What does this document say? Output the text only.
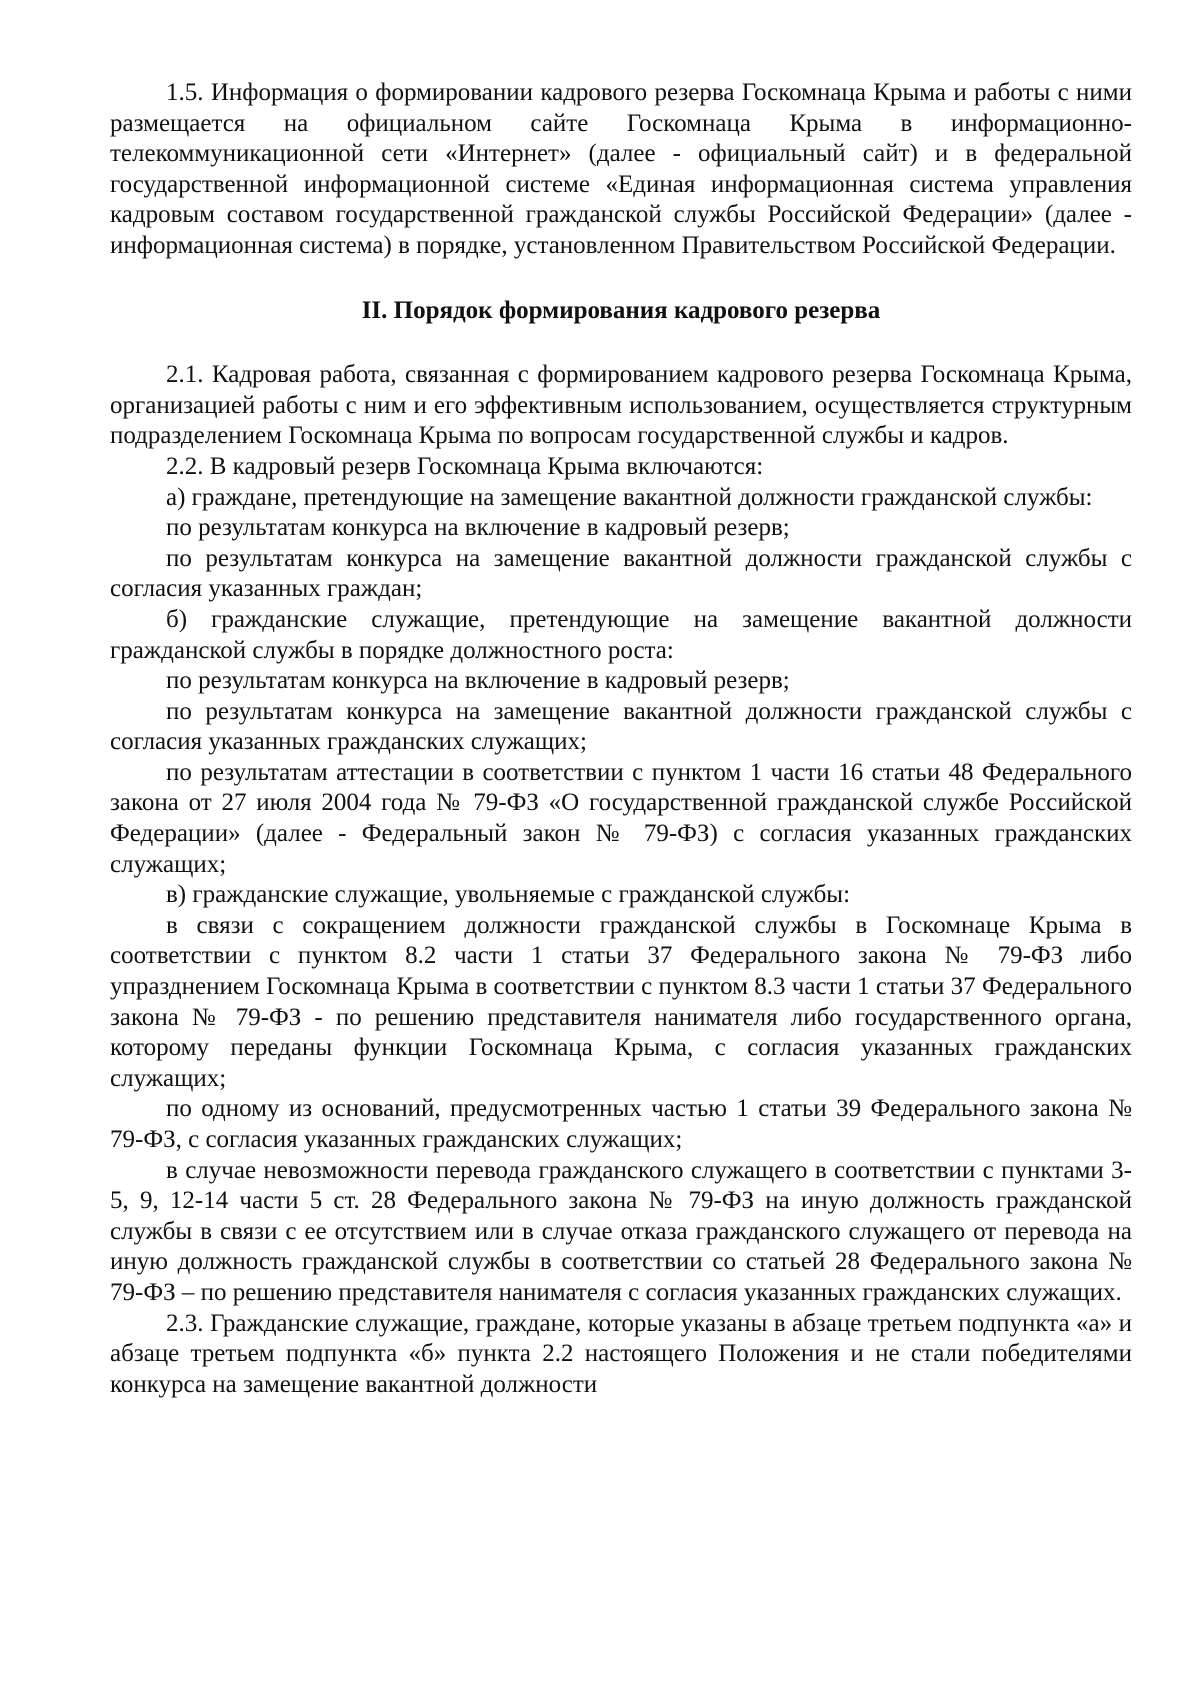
1.5. Информация о формировании кадрового резерва Госкомнаца Крыма и работы с ними размещается на официальном сайте Госкомнаца Крыма в информационно-телекоммуникационной сети «Интернет» (далее - официальный сайт) и в федеральной государственной информационной системе «Единая информационная система управления кадровым составом государственной гражданской службы Российской Федерации» (далее - информационная система) в порядке, установленном Правительством Российской Федерации.

II. Порядок формирования кадрового резерва

2.1. Кадровая работа, связанная с формированием кадрового резерва Госкомнаца Крыма, организацией работы с ним и его эффективным использованием, осуществляется структурным подразделением Госкомнаца Крыма по вопросам государственной службы и кадров.

2.2. В кадровый резерв Госкомнаца Крыма включаются:

а) граждане, претендующие на замещение вакантной должности гражданской службы:

по результатам конкурса на включение в кадровый резерв;

по результатам конкурса на замещение вакантной должности гражданской службы с согласия указанных граждан;

б) гражданские служащие, претендующие на замещение вакантной должности гражданской службы в порядке должностного роста:

по результатам конкурса на включение в кадровый резерв;

по результатам конкурса на замещение вакантной должности гражданской службы с согласия указанных гражданских служащих;

по результатам аттестации в соответствии с пунктом 1 части 16 статьи 48 Федерального закона от 27 июля 2004 года № 79-ФЗ «О государственной гражданской службе Российской Федерации» (далее - Федеральный закон № 79-ФЗ) с согласия указанных гражданских служащих;

в) гражданские служащие, увольняемые с гражданской службы:

в связи с сокращением должности гражданской службы в Госкомнаце Крыма в соответствии с пунктом 8.2 части 1 статьи 37 Федерального закона № 79-ФЗ либо упразднением Госкомнаца Крыма в соответствии с пунктом 8.3 части 1 статьи 37 Федерального закона № 79-ФЗ - по решению представителя нанимателя либо государственного органа, которому переданы функции Госкомнаца Крыма, с согласия указанных гражданских служащих;

по одному из оснований, предусмотренных частью 1 статьи 39 Федерального закона № 79-ФЗ, с согласия указанных гражданских служащих;

в случае невозможности перевода гражданского служащего в соответствии с пунктами 3-5, 9, 12-14 части 5 ст. 28 Федерального закона № 79-ФЗ на иную должность гражданской службы в связи с ее отсутствием или в случае отказа гражданского служащего от перевода на иную должность гражданской службы в соответствии со статьей 28 Федерального закона № 79-ФЗ – по решению представителя нанимателя с согласия указанных гражданских служащих.

2.3. Гражданские служащие, граждане, которые указаны в абзаце третьем подпункта «а» и абзаце третьем подпункта «б» пункта 2.2 настоящего Положения и не стали победителями конкурса на замещение вакантной должности
